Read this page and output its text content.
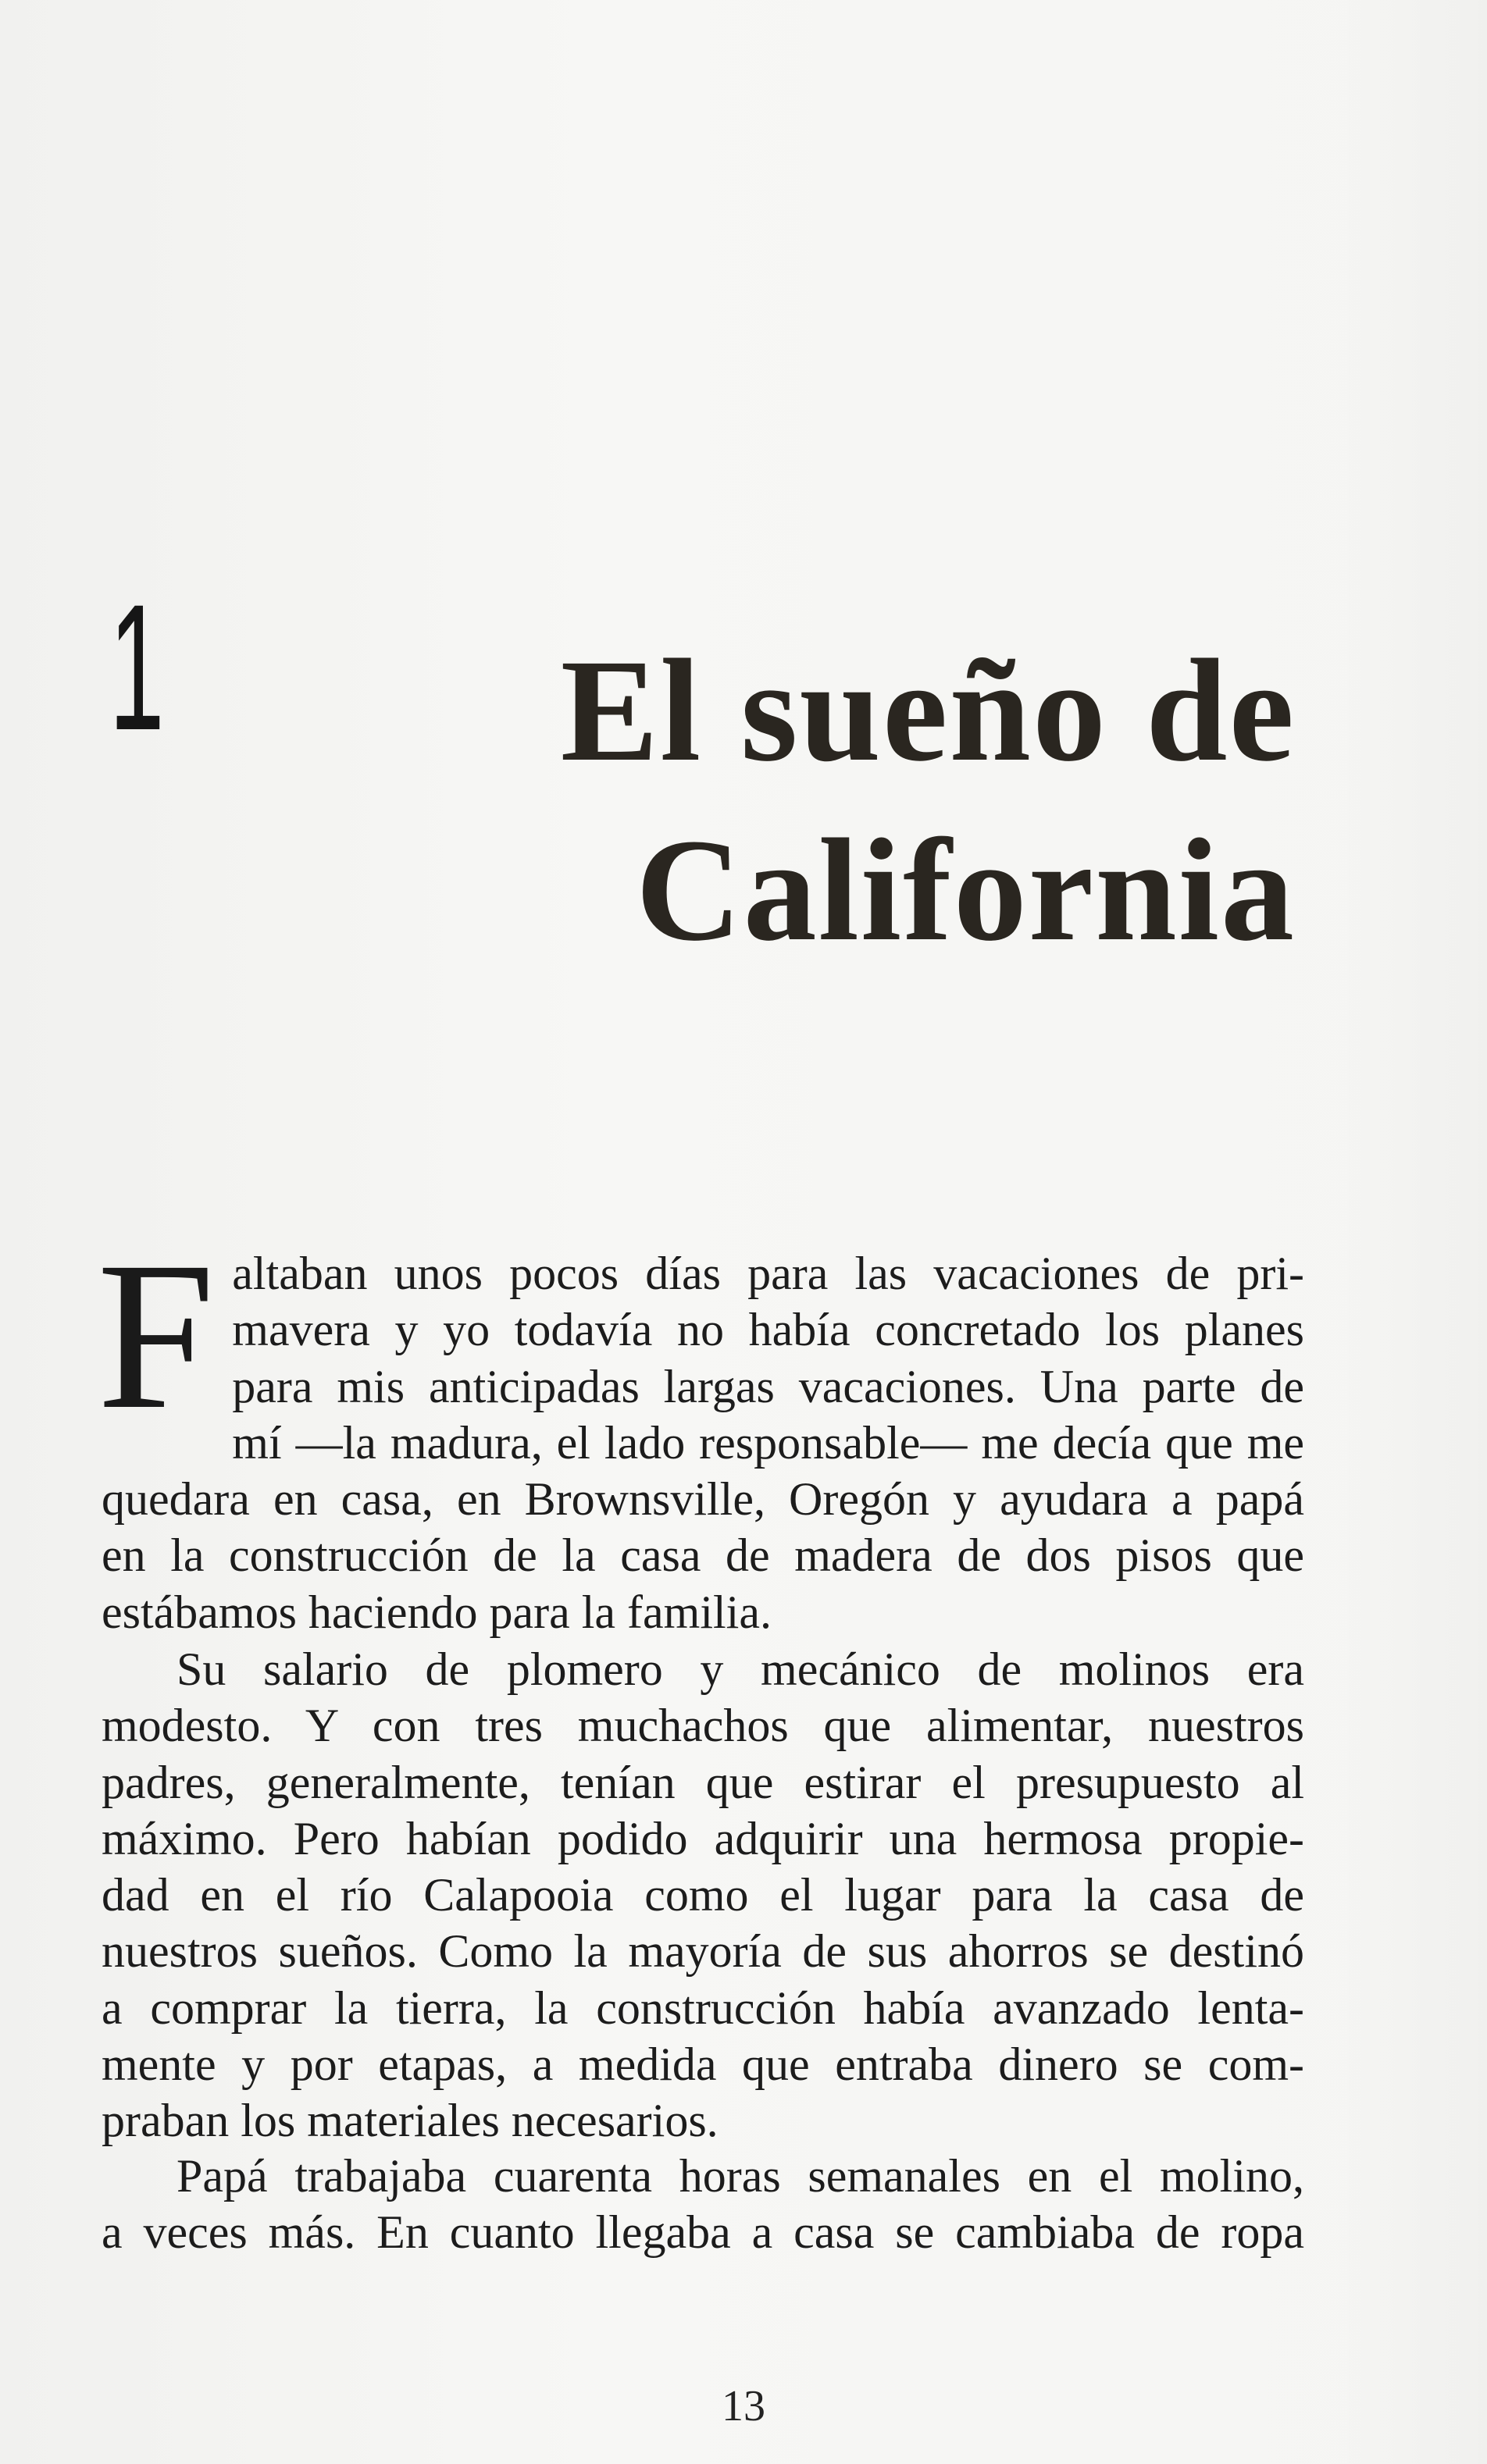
1	El sueño de
California
F altaban unos pocos días para las vacaciones de pri-
mavera y yo todavía no había concretado los planes
para mis anticipadas largas vacaciones. Una parte de
mí —la madura, el lado responsable— me decía que me
quedara en casa, en Brownsville, Oregón y ayudara a papá
en la construcción de la casa de madera de dos pisos que
estábamos haciendo para la familia.
Su salario de plomero y mecánico de molinos era
modesto. Y con tres muchachos que alimentar, nuestros
padres, generalmente, tenían que estirar el presupuesto al
máximo. Pero habían podido adquirir una hermosa propie-
dad en el río Calapooia como el lugar para la casa de
nuestros sueños. Como la mayoría de sus ahorros se destinó
a comprar la tierra, la construcción había avanzado lenta-
mente y por etapas, a medida que entraba dinero se com-
praban los materiales necesarios.
Papá trabajaba cuarenta horas semanales en el molino,
a veces más. En cuanto llegaba a casa se cambiaba de ropa
13
